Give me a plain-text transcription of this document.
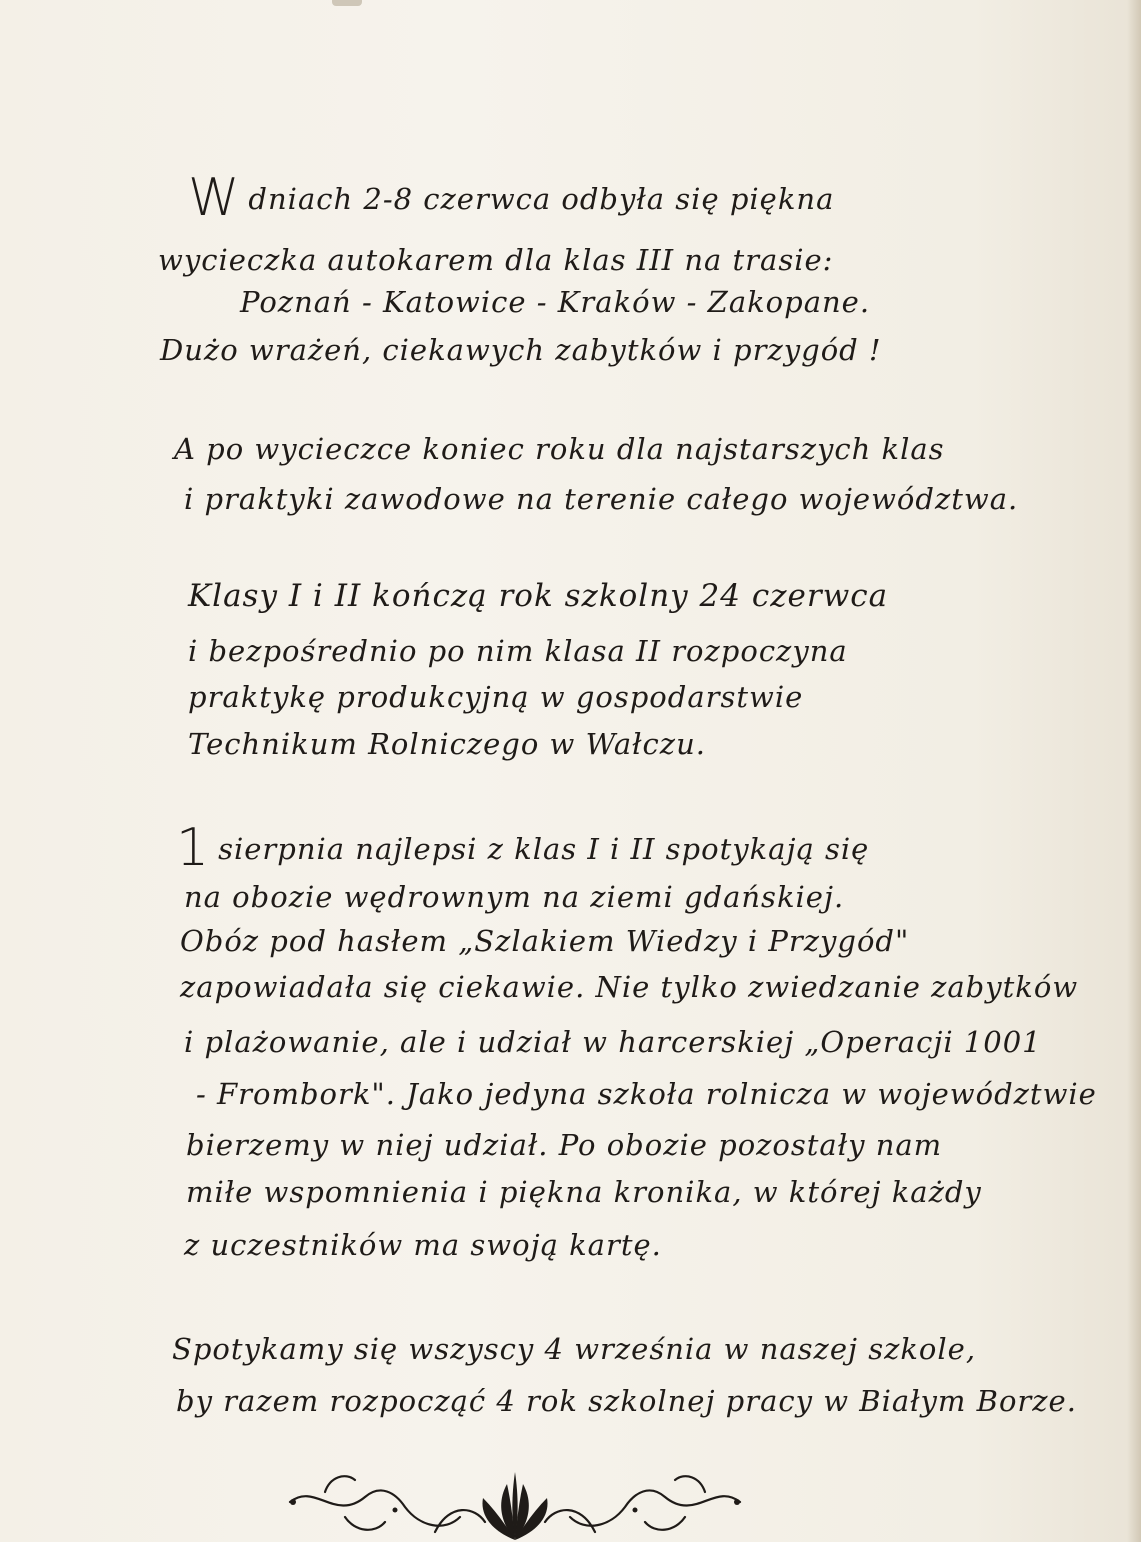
Wdniach 2-8 czerwca odbyła się piękna
wycieczka autokarem dla klas III na trasie:
Poznań - Katowice - Kraków - Zakopane.
Dużo wrażeń, ciekawych zabytków i przygód !
A po wycieczce koniec roku dla najstarszych klas
i praktyki zawodowe na terenie całego województwa.
Klasy I i II kończą rok szkolny 24 czerwca
i bezpośrednio po nim klasa II rozpoczyna
praktykę produkcyjną w gospodarstwie
Technikum Rolniczego w Wałczu.
1 sierpnia najlepsi z klas I i II spotykają się
na obozie wędrownym na ziemi gdańskiej.
Obóz pod hasłem „Szlakiem Wiedzy i Przygód"
zapowiadała się ciekawie. Nie tylko zwiedzanie zabytków
i plażowanie, ale i udział w harcerskiej „Operacji 1001
- Frombork". Jako jedyna szkoła rolnicza w województwie
bierzemy w niej udział. Po obozie pozostały nam
miłe wspomnienia i piękna kronika, w której każdy
z uczestników ma swoją kartę.
Spotykamy się wszyscy 4 września w naszej szkole,
by razem rozpocząć 4 rok szkolnej pracy w Białym Borze.
